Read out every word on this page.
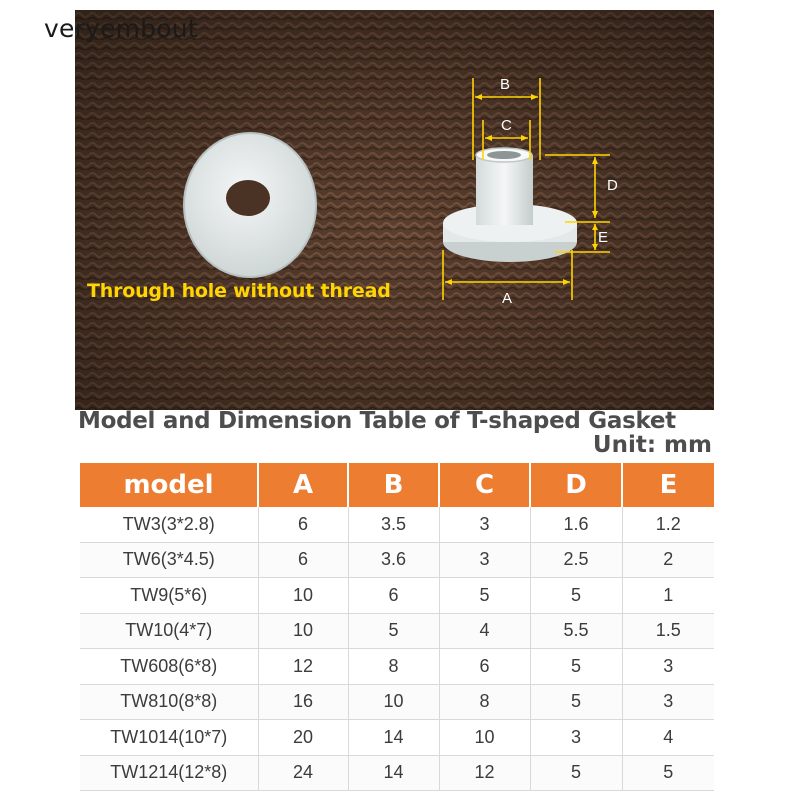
B
C
D
E
A
Through hole without thread
veryembout
Model and Dimension Table of T-shaped Gasket
Unit: mm
model	A	B	C	D	E
TW3(3*2.8)	6	3.5	3	1.6	1.2
TW6(3*4.5)	6	3.6	3	2.5	2
TW9(5*6)	10	6	5	5	1
TW10(4*7)	10	5	4	5.5	1.5
TW608(6*8)	12	8	6	5	3
TW810(8*8)	16	10	8	5	3
TW1014(10*7)	20	14	10	3	4
TW1214(12*8)	24	14	12	5	5
